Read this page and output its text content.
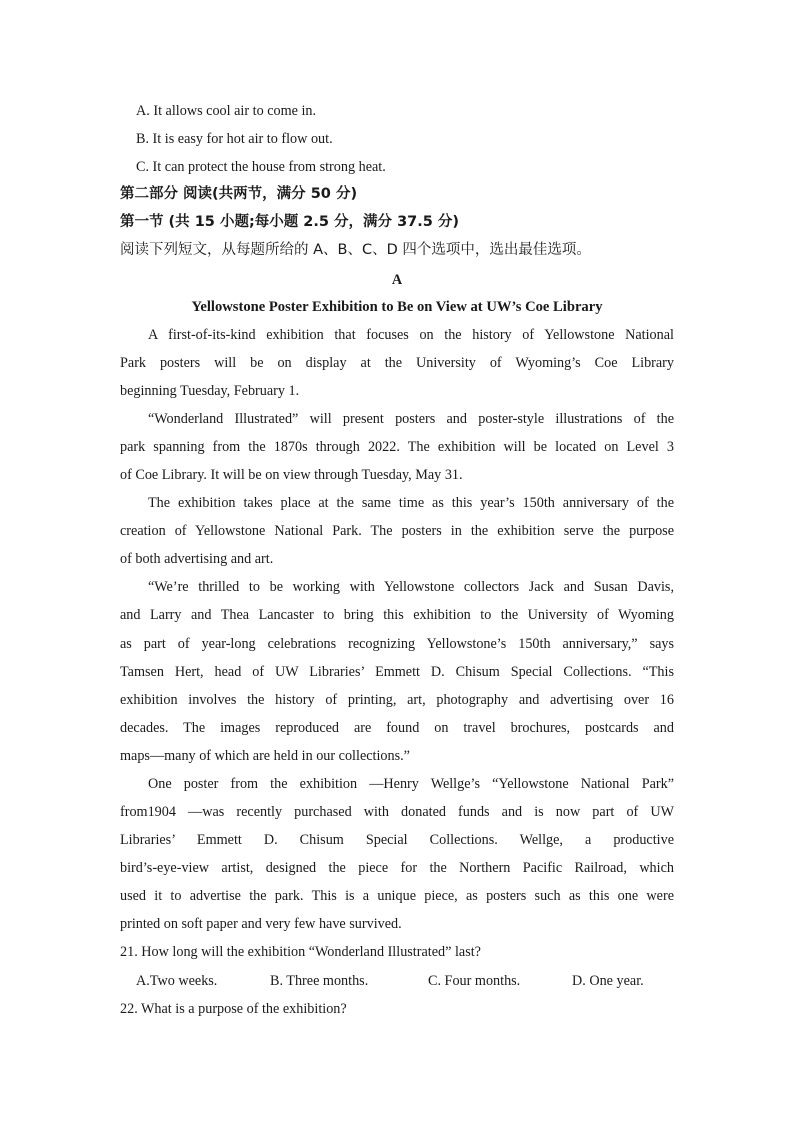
A. It allows cool air to come in.
B. It is easy for hot air to flow out.
C. It can protect the house from strong heat.
第二部分 阅读(共两节，满分 50 分)
第一节 (共 15 小题;每小题 2.5 分，满分 37.5 分)
阅读下列短文，从每题所给的 A、B、C、D 四个选项中，选出最佳选项。
A
Yellowstone Poster Exhibition to Be on View at UW’s Coe Library
A first-of-its-kind exhibition that focuses on the history of Yellowstone National
Park posters will be on display at the University of Wyoming’s Coe Library
beginning Tuesday, February 1.
“Wonderland Illustrated” will present posters and poster-style illustrations of the
park spanning from the 1870s through 2022. The exhibition will be located on Level 3
of Coe Library. It will be on view through Tuesday, May 31.
The exhibition takes place at the same time as this year’s 150th anniversary of the
creation of Yellowstone National Park. The posters in the exhibition serve the purpose
of both advertising and art.
“We’re thrilled to be working with Yellowstone collectors Jack and Susan Davis,
and Larry and Thea Lancaster to bring this exhibition to the University of Wyoming
as part of year-long celebrations recognizing Yellowstone’s 150th anniversary,” says
Tamsen Hert, head of UW Libraries’ Emmett D. Chisum Special Collections. “This
exhibition involves the history of printing, art, photography and advertising over 16
decades. The images reproduced are found on travel brochures, postcards and
maps—many of which are held in our collections.”
One poster from the exhibition —Henry Wellge’s “Yellowstone National Park”
from1904 —was recently purchased with donated funds and is now part of UW
Libraries’ Emmett D. Chisum Special Collections. Wellge, a productive
bird’s-eye-view artist, designed the piece for the Northern Pacific Railroad, which
used it to advertise the park. This is a unique piece, as posters such as this one were
printed on soft paper and very few have survived.
21. How long will the exhibition “Wonderland Illustrated” last?
A.Two weeks.	B. Three months.	C. Four months.	D. One year.
22. What is a purpose of the exhibition?
